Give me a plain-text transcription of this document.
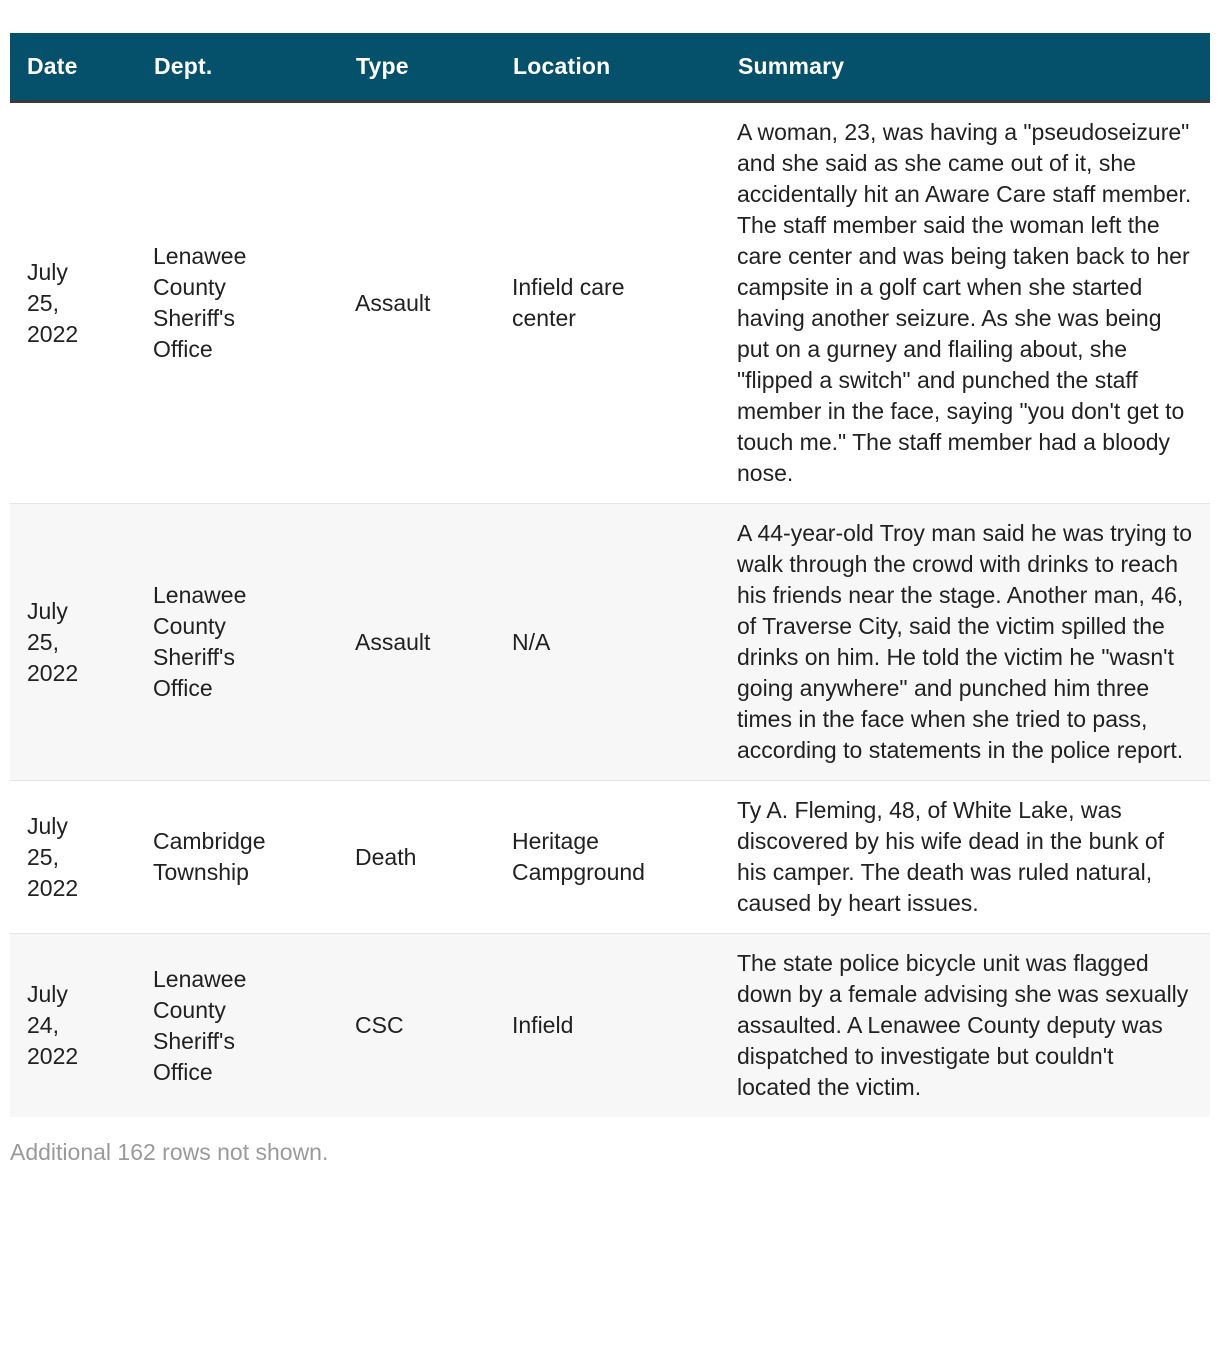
Date	Dept.	Type	Location	Summary
July 25, 2022	Lenawee County Sheriff's Office	Assault	Infield care center	A woman, 23, was having a "pseudoseizure" and she said as she came out of it, she accidentally hit an Aware Care staff member. The staff member said the woman left the care center and was being taken back to her campsite in a golf cart when she started having another seizure. As she was being put on a gurney and flailing about, she "flipped a switch" and punched the staff member in the face, saying "you don't get to touch me." The staff member had a bloody nose.
July 25, 2022	Lenawee County Sheriff's Office	Assault	N/A	A 44-year-old Troy man said he was trying to walk through the crowd with drinks to reach his friends near the stage. Another man, 46, of Traverse City, said the victim spilled the drinks on him. He told the victim he "wasn't going anywhere" and punched him three times in the face when she tried to pass, according to statements in the police report.
July 25, 2022	Cambridge Township	Death	Heritage Campground	Ty A. Fleming, 48, of White Lake, was discovered by his wife dead in the bunk of his camper. The death was ruled natural, caused by heart issues.
July 24, 2022	Lenawee County Sheriff's Office	CSC	Infield	The state police bicycle unit was flagged down by a female advising she was sexually assaulted. A Lenawee County deputy was dispatched to investigate but couldn't located the victim.
Additional 162 rows not shown.
